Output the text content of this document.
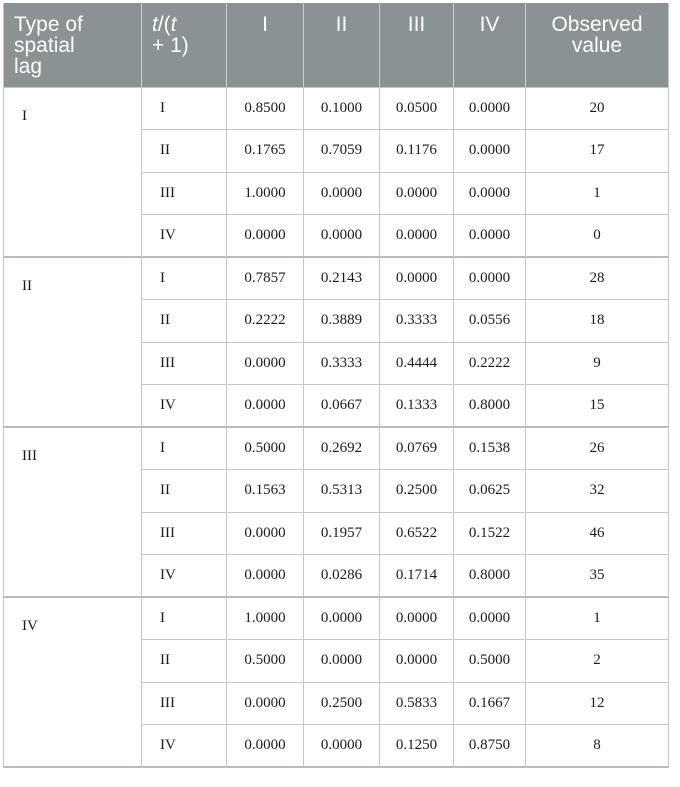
Type of
spatial
lag	t/(t
+ 1)	I	II	III	IV	Observed
value
I	I	0.8500	0.1000	0.0500	0.0000	20
	II	0.1765	0.7059	0.1176	0.0000	17
	III	1.0000	0.0000	0.0000	0.0000	1
	IV	0.0000	0.0000	0.0000	0.0000	0
II	I	0.7857	0.2143	0.0000	0.0000	28
	II	0.2222	0.3889	0.3333	0.0556	18
	III	0.0000	0.3333	0.4444	0.2222	9
	IV	0.0000	0.0667	0.1333	0.8000	15
III	I	0.5000	0.2692	0.0769	0.1538	26
	II	0.1563	0.5313	0.2500	0.0625	32
	III	0.0000	0.1957	0.6522	0.1522	46
	IV	0.0000	0.0286	0.1714	0.8000	35
IV	I	1.0000	0.0000	0.0000	0.0000	1
	II	0.5000	0.0000	0.0000	0.5000	2
	III	0.0000	0.2500	0.5833	0.1667	12
	IV	0.0000	0.0000	0.1250	0.8750	8
